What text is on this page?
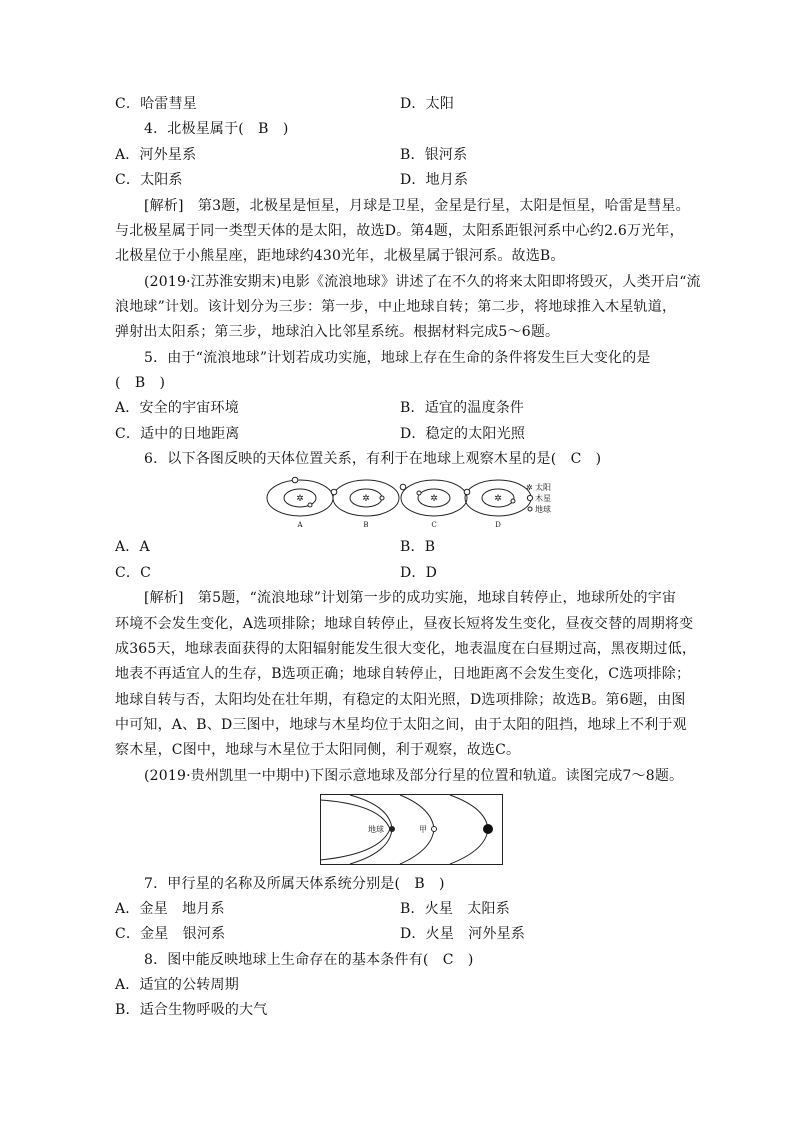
C．哈雷彗星	D．太阳
4．北极星属于(　B　)
A．河外星系	B．银河系
C．太阳系	D．地月系
[解析]　第3题，北极星是恒星，月球是卫星，金星是行星，太阳是恒星，哈雷是彗星。
与北极星属于同一类型天体的是太阳，故选D。第4题，太阳系距银河系中心约2.6万光年，
北极星位于小熊星座，距地球约430光年，北极星属于银河系。故选B。
(2019·江苏淮安期末)电影《流浪地球》讲述了在不久的将来太阳即将毁灭，人类开启“流
浪地球”计划。该计划分为三步：第一步，中止地球自转；第二步，将地球推入木星轨道，
弹射出太阳系；第三步，地球泊入比邻星系统。根据材料完成5～6题。
5．由于“流浪地球”计划若成功实施，地球上存在生命的条件将发生巨大变化的是
(　B　)
A．安全的宇宙环境	B．适宜的温度条件
C．适中的日地距离	D．稳定的太阳光照
6．以下各图反映的天体位置关系，有利于在地球上观察木星的是(　C　)
✲	✲	✲	✲
A	B	C	D
✲ 太阳
木星
地球
A．A	B．B
C．C	D．D
[解析]　第5题，“流浪地球”计划第一步的成功实施，地球自转停止，地球所处的宇宙
环境不会发生变化，A选项排除；地球自转停止，昼夜长短将发生变化，昼夜交替的周期将变
成365天，地球表面获得的太阳辐射能发生很大变化，地表温度在白昼期过高，黑夜期过低，
地表不再适宜人的生存，B选项正确；地球自转停止，日地距离不会发生变化，C选项排除；
地球自转与否，太阳均处在壮年期，有稳定的太阳光照，D选项排除；故选B。第6题，由图
中可知，A、B、D三图中，地球与木星均位于太阳之间，由于太阳的阻挡，地球上不利于观
察木星，C图中，地球与木星位于太阳同侧，利于观察，故选C。
(2019·贵州凯里一中期中)下图示意地球及部分行星的位置和轨道。读图完成7～8题。
地球	甲
7．甲行星的名称及所属天体系统分别是(　B　)
A．金星　地月系	B．火星　太阳系
C．金星　银河系	D．火星　河外星系
8．图中能反映地球上生命存在的基本条件有(　C　)
A．适宜的公转周期
B．适合生物呼吸的大气
